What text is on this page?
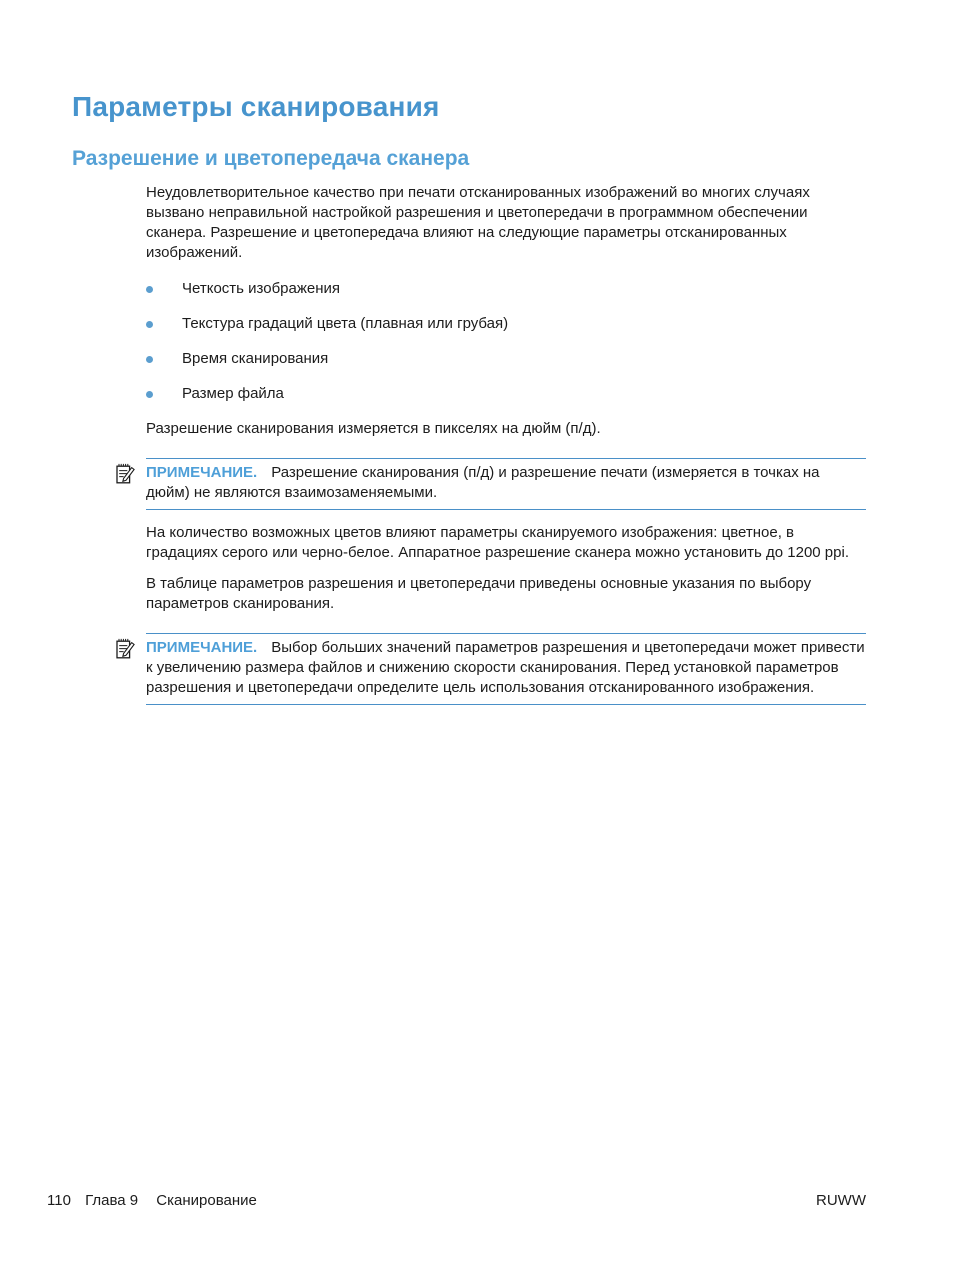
Параметры сканирования
Разрешение и цветопередача сканера

Неудовлетворительное качество при печати отсканированных изображений во многих случаях вызвано неправильной настройкой разрешения и цветопередачи в программном обеспечении сканера. Разрешение и цветопередача влияют на следующие параметры отсканированных изображений.

Четкость изображения
Текстура градаций цвета (плавная или грубая)
Время сканирования
Размер файла

Разрешение сканирования измеряется в пикселях на дюйм (п/д).

ПРИМЕЧАНИЕ. Разрешение сканирования (п/д) и разрешение печати (измеряется в точках на дюйм) не являются взаимозаменяемыми.

На количество возможных цветов влияют параметры сканируемого изображения: цветное, в градациях серого или черно-белое. Аппаратное разрешение сканера можно установить до 1200 ppi.

В таблице параметров разрешения и цветопередачи приведены основные указания по выбору параметров сканирования.

ПРИМЕЧАНИЕ. Выбор больших значений параметров разрешения и цветопередачи может привести к увеличению размера файлов и снижению скорости сканирования. Перед установкой параметров разрешения и цветопередачи определите цель использования отсканированного изображения.
110 Глава 9 Сканирование	RUWW
